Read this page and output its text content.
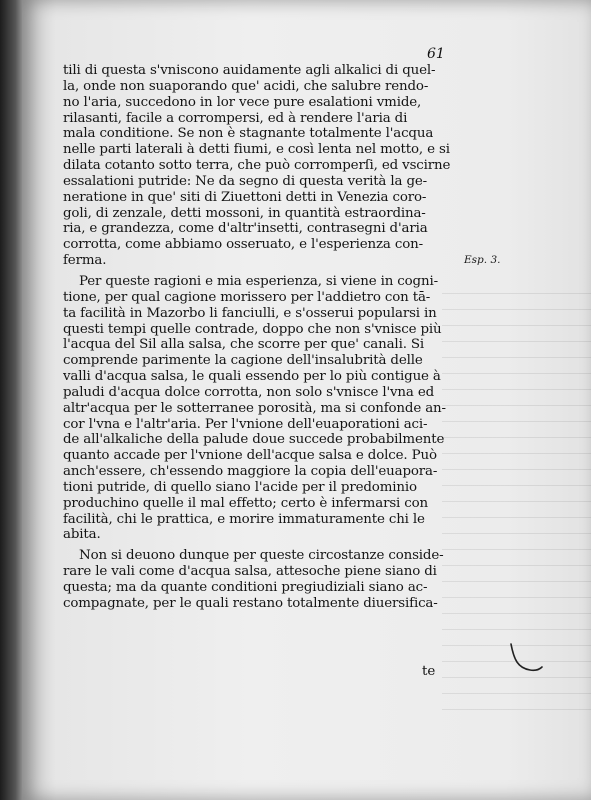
61
Esp. 3.
tili di questa s'vniscono auidamente agli alkalici di quel-
la, onde non suaporando que' acidi, che salubre rendo-
no l'aria, succedono in lor vece pure esalationi vmide,
rilasanti, facile a corrompersi, ed à rendere l'aria di
mala conditione. Se non è stagnante totalmente l'acqua
nelle parti laterali à detti fiumi, e così lenta nel motto, e si
dilata cotanto sotto terra, che può corromperſi, ed vscirne
essalationi putride: Ne da segno di questa verità la ge-
neratione in que' siti di Ziuettoni detti in Venezia coro-
goli, di zenzale, detti mossoni, in quantità estraordina-
ria, e grandezza, come d'altr'insetti, contrasegni d'aria
corrotta, come abbiamo osseruato, e l'esperienza con-
ferma.
Per queste ragioni e mia esperienza, si viene in cogni-
tione, per qual cagione morissero per l'addietro con tā-
ta facilità in Mazorbo li fanciulli, e s'osserui popularsi in
questi tempi quelle contrade, doppo che non s'vnisce più
l'acqua del Sil alla salsa, che scorre per que' canali. Si
comprende parimente la cagione dell'insalubrità delle
valli d'acqua salsa, le quali essendo per lo più contigue à
paludi d'acqua dolce corrotta, non solo s'vnisce l'vna ed
altr'acqua per le sotterranee porosità, ma si confonde an-
cor l'vna e l'altr'aria. Per l'vnione dell'euaporationi aci-
de all'alkaliche della palude doue succede probabilmente
quanto accade per l'vnione dell'acque salsa e dolce. Può
anch'essere, ch'essendo maggiore la copia dell'euapora-
tioni putride, di quello siano l'acide per il predominio
produchino quelle il mal effetto; certo è infermarsi con
facilità, chi le prattica, e morire immaturamente chi le
abita.
Non si deuono dunque per queste circostanze conside-
rare le vali come d'acqua salsa, attesoche piene siano di
questa; ma da quante conditioni pregiudiziali siano ac-
compagnate, per le quali restano totalmente diuersifica-
te
